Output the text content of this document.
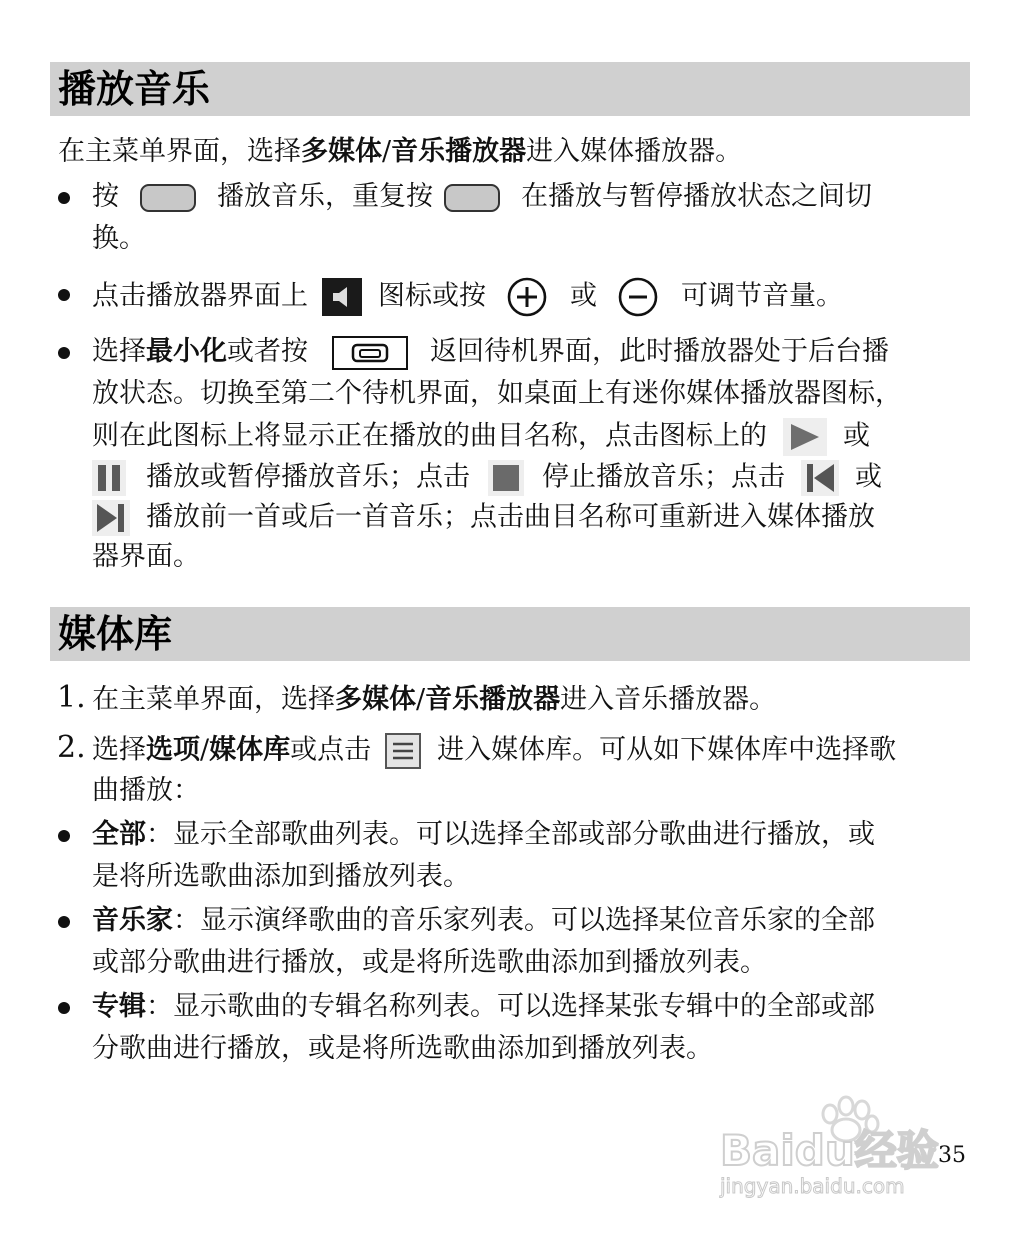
播放音乐
在主菜单界面，选择多媒体/音乐播放器进入媒体播放器。
按	播放音乐，重复按	在播放与暂停播放状态之间切
换。
点击播放器界面上	图标或按	或	可调节音量。
选择最小化或者按	返回待机界面，此时播放器处于后台播
放状态。切换至第二个待机界面，如桌面上有迷你媒体播放器图标，
则在此图标上将显示正在播放的曲目名称，点击图标上的	或
播放或暂停播放音乐；点击	停止播放音乐；点击	或
播放前一首或后一首音乐；点击曲目名称可重新进入媒体播放
器界面。
媒体库
1. 在主菜单界面，选择多媒体/音乐播放器进入音乐播放器。
2. 选择选项/媒体库或点击 进入媒体库。可从如下媒体库中选择歌
曲播放：
全部：显示全部歌曲列表。可以选择全部或部分歌曲进行播放，或
是将所选歌曲添加到播放列表。
音乐家：显示演绎歌曲的音乐家列表。可以选择某位音乐家的全部
或部分歌曲进行播放，或是将所选歌曲添加到播放列表。
专辑：显示歌曲的专辑名称列表。可以选择某张专辑中的全部或部
分歌曲进行播放，或是将所选歌曲添加到播放列表。
Baidu经验
jingyan.baidu.com
35
